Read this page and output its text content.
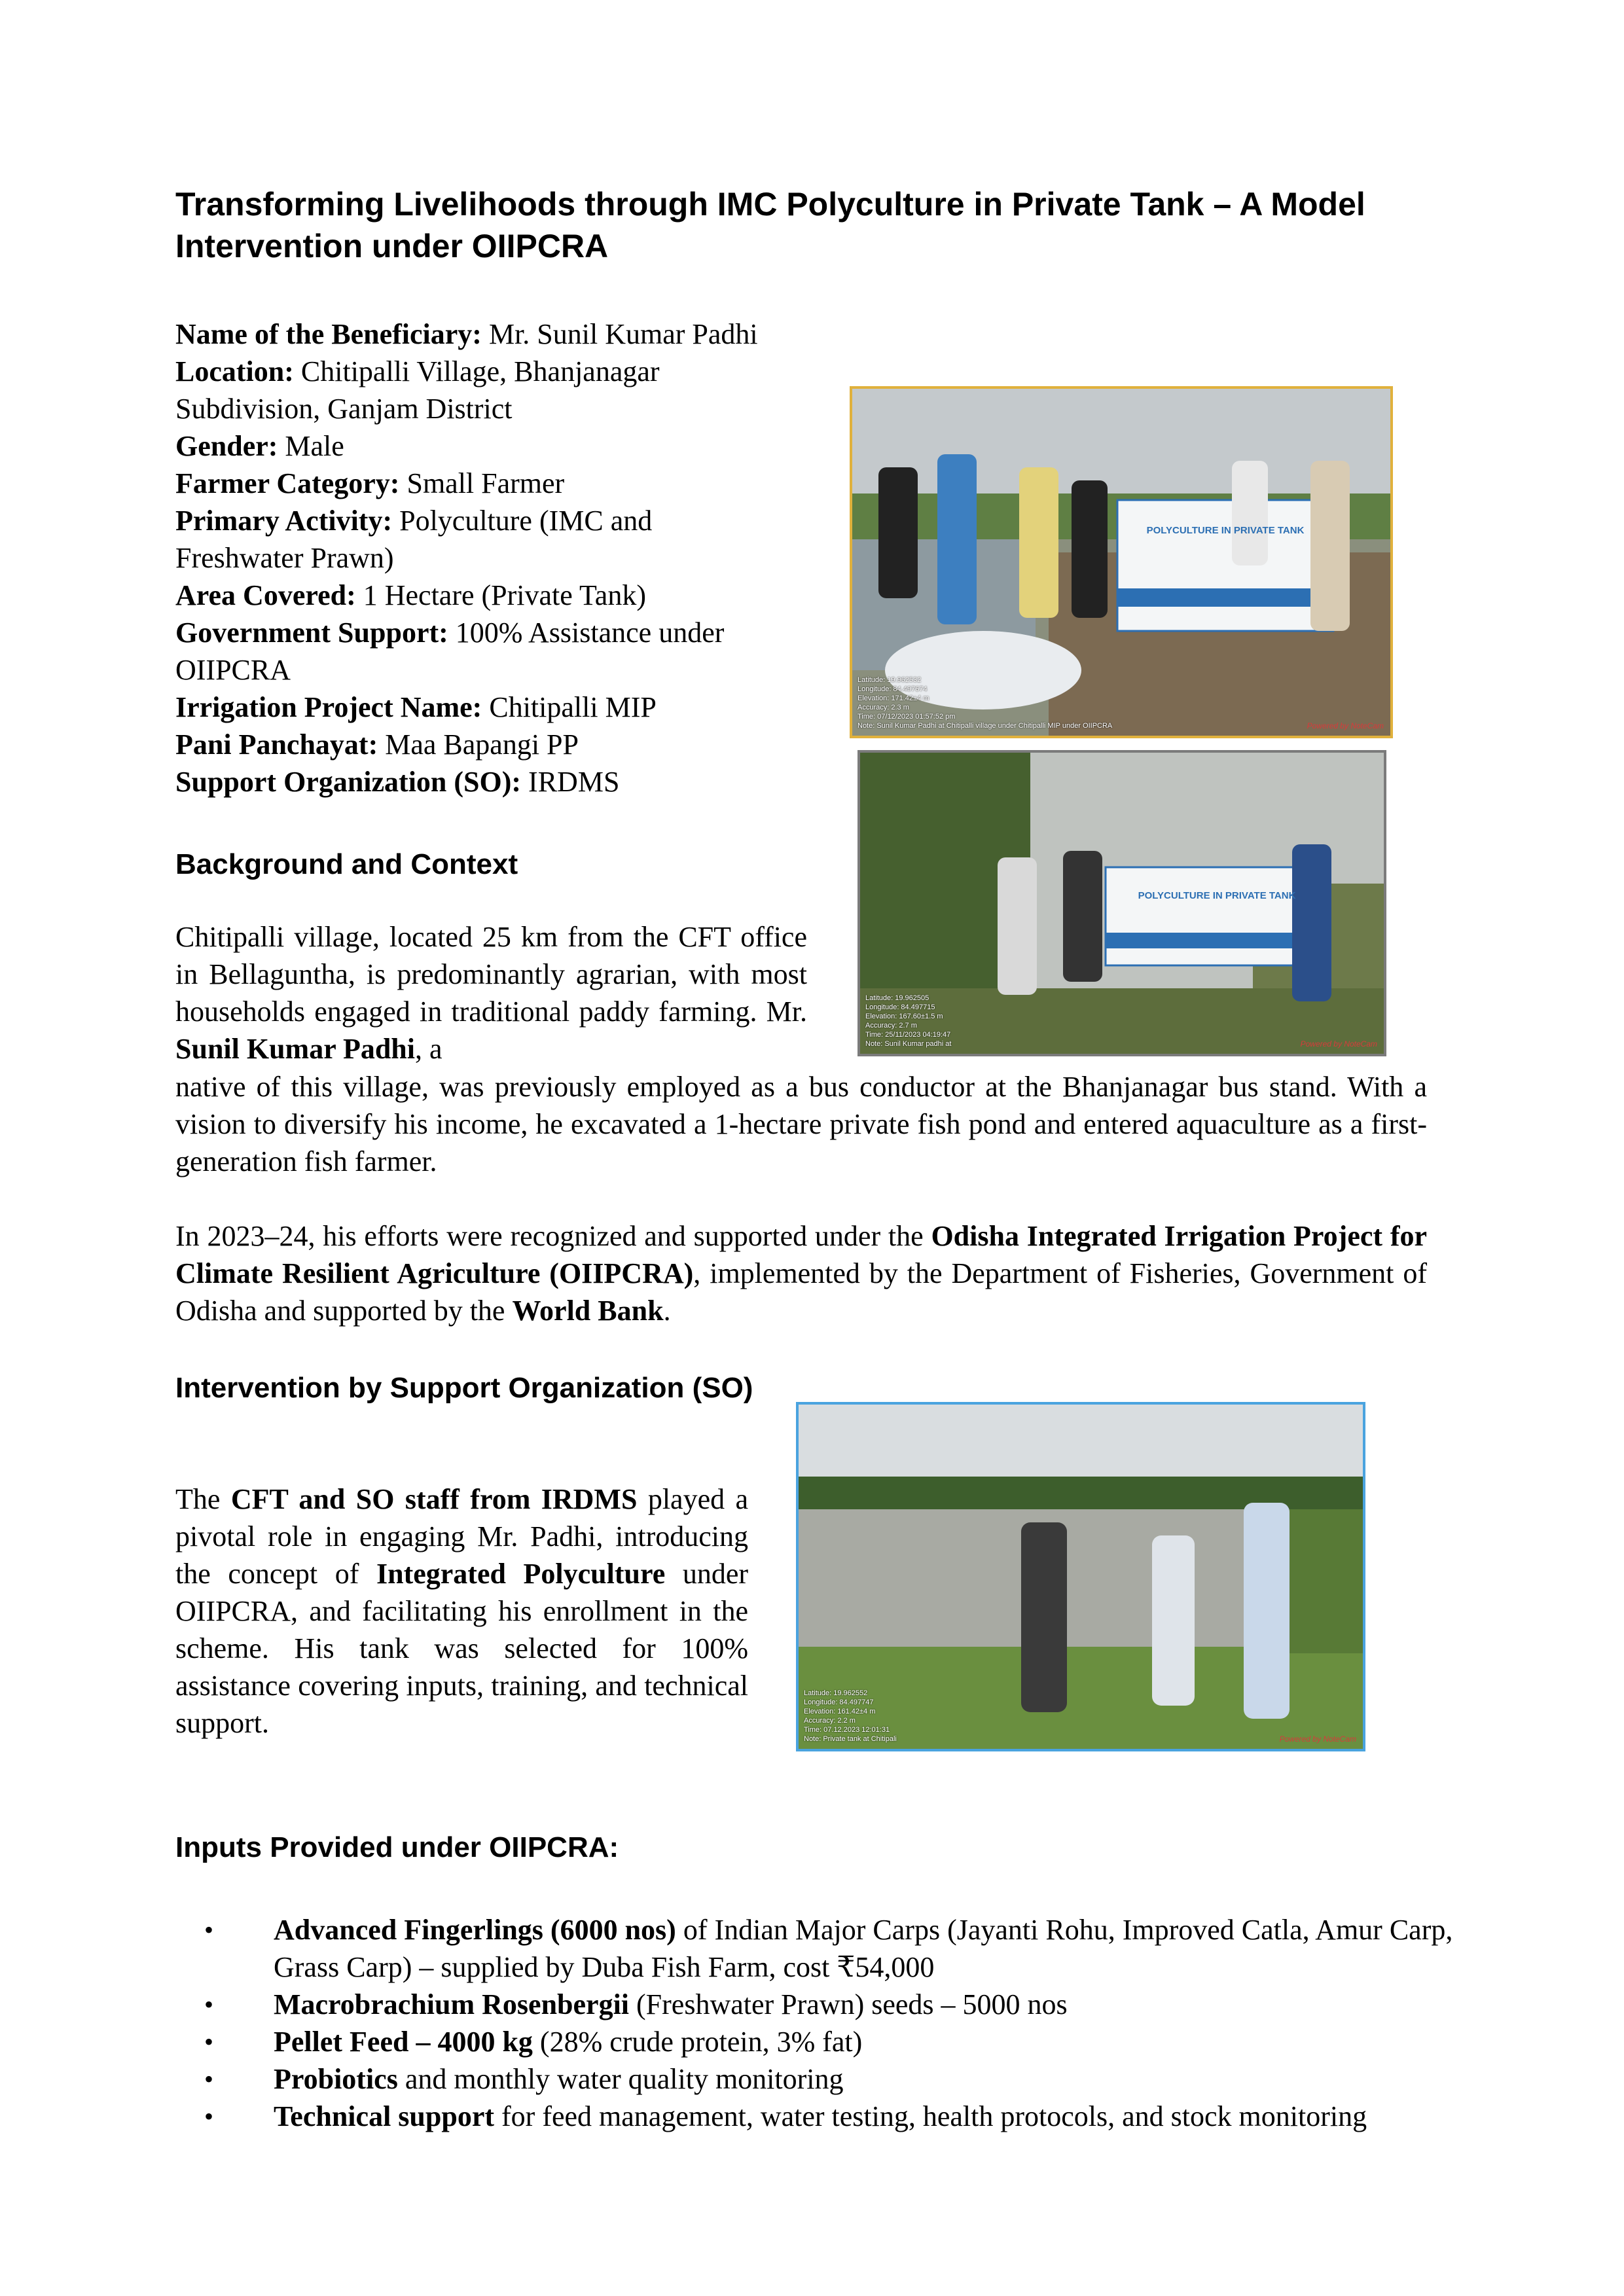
Transforming Livelihoods through IMC Polyculture in Private Tank – A Model Intervention under OIIPCRA
Name of the Beneficiary: Mr. Sunil Kumar Padhi
Location: Chitipalli Village, Bhanjanagar Subdivision, Ganjam District
Gender: Male
Farmer Category: Small Farmer
Primary Activity: Polyculture (IMC and Freshwater Prawn)
Area Covered: 1 Hectare (Private Tank)
Government Support: 100% Assistance under OIIPCRA
Irrigation Project Name: Chitipalli MIP
Pani Panchayat: Maa Bapangi PP
Support Organization (SO): IRDMS
POLYCULTURE IN PRIVATE TANK
Latitude: 19.962532
Longitude: 84.497674
Elevation: 171.42±4 m
Accuracy: 2.3 m
Time: 07/12/2023 01:57:52 pm
Note: Sunil Kumar Padhi at Chitipalli village under Chitipalli MIP under OIIPCRA	Powered by NoteCam
POLYCULTURE IN PRIVATE TANK
Latitude: 19.962505
Longitude: 84.497715
Elevation: 167.60±1.5 m
Accuracy: 2.7 m
Time: 25/11/2023 04:19:47
Note: Sunil Kumar padhi at	Powered by NoteCam
Background and Context

Chitipalli village, located 25 km from the CFT office in Bellaguntha, is predominantly agrarian, with most households engaged in traditional paddy farming. Mr. Sunil Kumar Padhi, a

native of this village, was previously employed as a bus conductor at the Bhanjanagar bus stand. With a vision to diversify his income, he excavated a 1-hectare private fish pond and entered aquaculture as a first-generation fish farmer.

In 2023–24, his efforts were recognized and supported under the Odisha Integrated Irrigation Project for Climate Resilient Agriculture (OIIPCRA), implemented by the Department of Fisheries, Government of Odisha and supported by the World Bank.

Intervention by Support Organization (SO)

The CFT and SO staff from IRDMS played a pivotal role in engaging Mr. Padhi, introducing the concept of Integrated Polyculture under OIIPCRA, and facilitating his enrollment in the scheme. His tank was selected for 100% assistance covering inputs, training, and technical support.

Latitude: 19.962552
Longitude: 84.497747
Elevation: 161.42±4 m
Accuracy: 2.2 m
Time: 07.12.2023 12:01:31
Note: Private tank at Chitipali	Powered by NoteCam
Inputs Provided under OIIPCRA:
• Advanced Fingerlings (6000 nos) of Indian Major Carps (Jayanti Rohu, Improved Catla, Amur Carp, Grass Carp) – supplied by Duba Fish Farm, cost ₹54,000
• Macrobrachium Rosenbergii (Freshwater Prawn) seeds – 5000 nos
• Pellet Feed – 4000 kg (28% crude protein, 3% fat)
• Probiotics and monthly water quality monitoring
• Technical support for feed management, water testing, health protocols, and stock monitoring
